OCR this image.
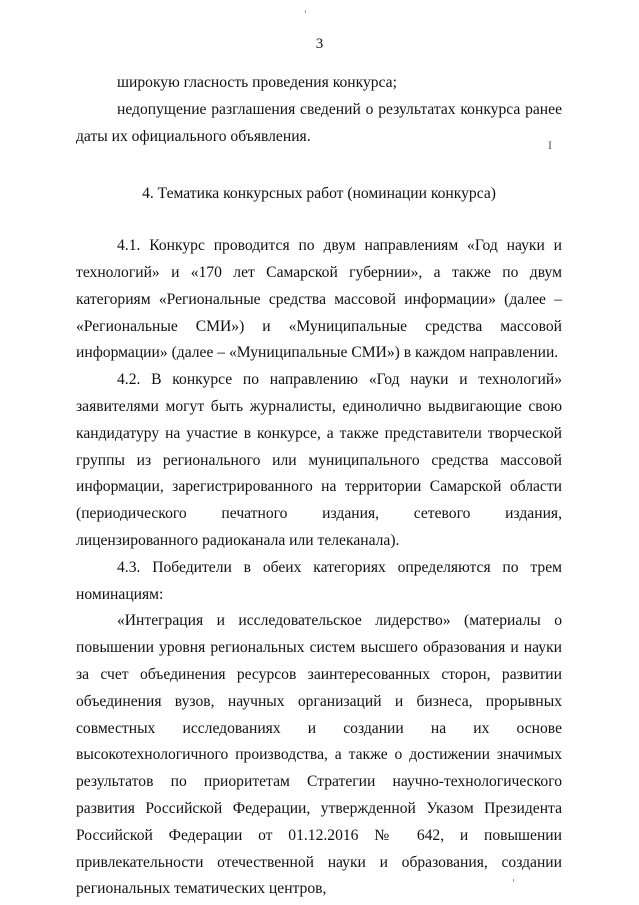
3
I

широкую гласность проведения конкурса;

недопущение разглашения сведений о результатах конкурса ранее даты их официального объявления.

4. Тематика конкурсных работ (номинации конкурса)

4.1. Конкурс проводится по двум направлениям «Год науки и технологий» и «170 лет Самарской губернии», а также по двум категориям «Региональные средства массовой информации» (далее – «Региональные СМИ») и «Муниципальные средства массовой информации» (далее – «Муниципальные СМИ») в каждом направлении.

4.2. В конкурсе по направлению «Год науки и технологий» заявителями могут быть журналисты, единолично выдвигающие свою кандидатуру на участие в конкурсе, а также представители творческой группы из регионального или муниципального средства массовой информации, зарегистрированного на территории Самарской области (периодического печатного издания, сетевого издания, лицензированного радиоканала или телеканала).

4.3. Победители в обеих категориях определяются по трем номинациям:

«Интеграция и исследовательское лидерство» (материалы о повышении уровня региональных систем высшего образования и науки за счет объединения ресурсов заинтересованных сторон, развитии объединения вузов, научных организаций и бизнеса, прорывных совместных исследованиях и создании на их основе высокотехнологичного производства, а также о достижении значимых результатов по приоритетам Стратегии научно-технологического развития Российской Федерации, утвержденной Указом Президента Российской Федерации от 01.12.2016 № 642, и повышении привлекательности отечественной науки и образования, создании региональных тематических центров,
